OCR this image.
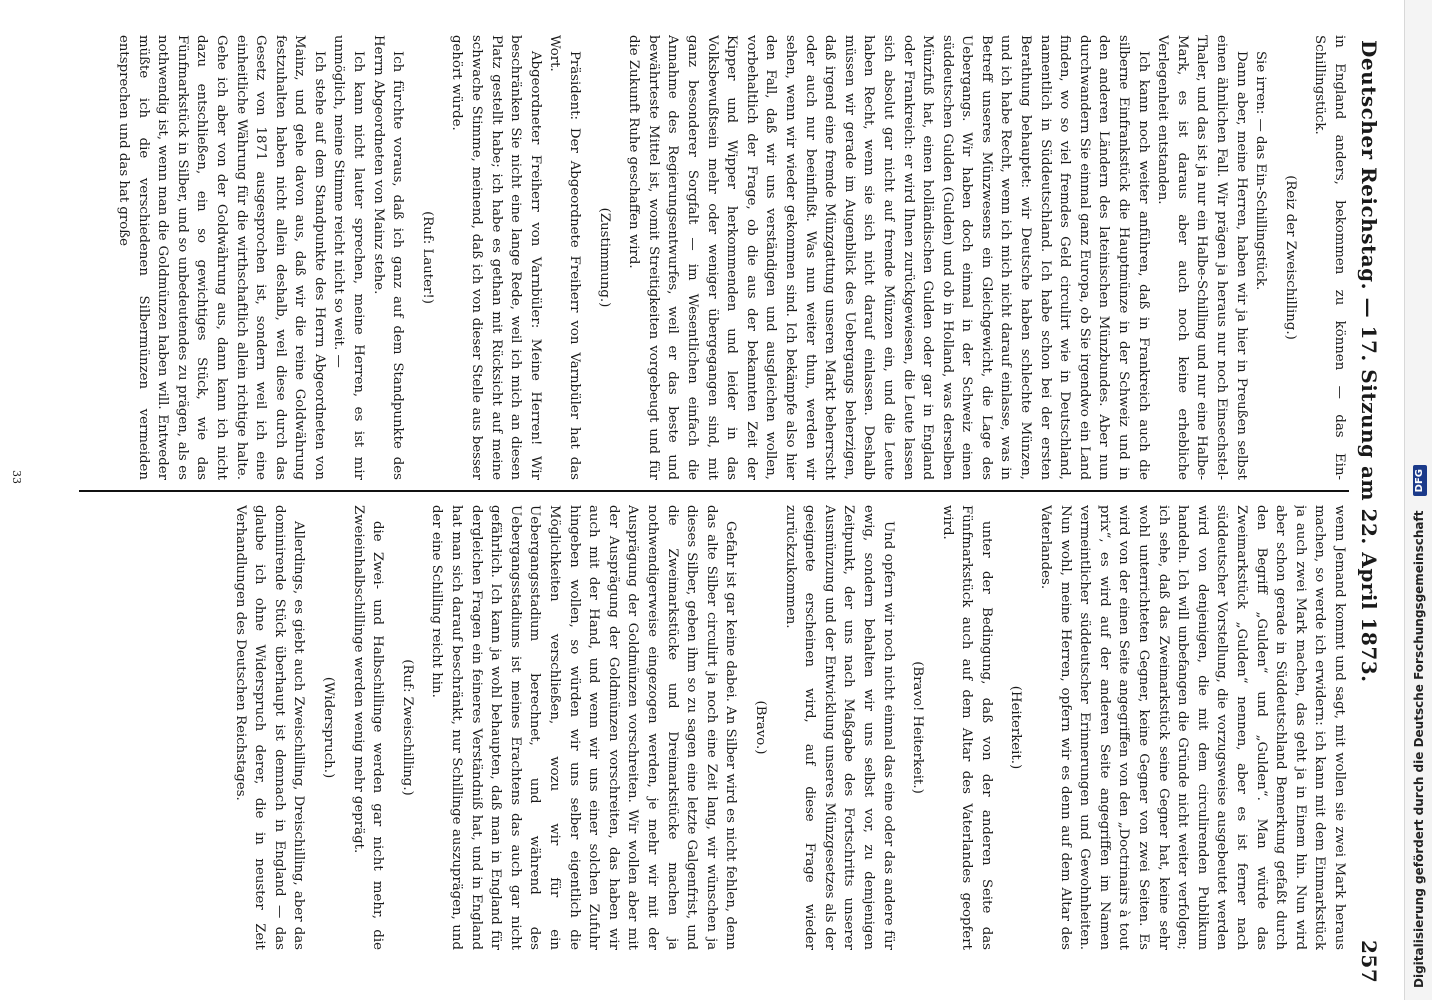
Deutscher Reichstag. — 17. Sitzung am 22. April 1873.
257

in England anders, bekommen zu können — das Ein-Schillingstück.

(Reiz der Zweischilling.)

Sie irren: — das Ein-Schillingstück.

Dann aber, meine Herren, haben wir ja hier in Preußen selbst einen ähnlichen Fall. Wir prägen ja heraus nur noch Einsechstel-Thaler, und das ist ja nur ein Halbe-Schilling und nur eine Halbe-Mark, es ist daraus aber auch noch keine erhebliche Verlegenheit entstanden.

Ich kann noch weiter anführen, daß in Frankreich auch die silberne Einfrankstück die Hauptmünze in der Schweiz und in den anderen Ländern des lateinischen Münzbundes. Aber nun durchwandern Sie einmal ganz Europa, ob Sie irgendwo ein Land finden, wo so viel fremdes Geld circulirt wie in Deutschland, namentlich in Süddeutschland. Ich habe schon bei der ersten Berathung behauptet: wir Deutsche haben schlechte Münzen, und ich habe Recht, wenn ich mich nicht darauf einlasse, was in Betreff unseres Münzwesens ein Gleichgewicht, die Lage des Uebergangs. Wir haben doch einmal in der Schweiz einen süddeutschen Gulden (Gulden) und ob in Holland, was derselben Münzfuß hat, einen holländischen Gulden oder gar in England oder Frankreich: er wird Ihnen zurückgewiesen, die Leute lassen sich absolut gar nicht auf fremde Münzen ein, und die Leute haben Recht, wenn sie sich nicht darauf einlassen. Deshalb müssen wir gerade im Augenblick des Uebergangs beherzigen, daß irgend eine fremde Münzgattung unseren Markt beherrscht oder auch nur beeinflußt. Was nun weiter thun, werden wir sehen, wenn wir wieder gekommen sind. Ich bekämpfe also hier den Fall, daß wir uns verständigen und ausgleichen wollen, vorbehaltlich der Frage, ob die aus der bekannten Zeit der Kipper und Wipper herkommenden und leider in das Volksbewußtsein mehr oder weniger übergegangen sind, mit ganz besonderer Sorgfalt — im Wesentlichen einfach die Annahme des Regierungsentwurfes, weil er das beste und bewährteste Mittel ist, womit Streitigkeiten vorgebeugt und für die Zukunft Ruhe geschaffen wird.

(Zustimmung.)

Präsident: Der Abgeordnete Freiherr von Varnbüler hat das Wort.

Abgeordneter Freiherr von Varnbüler: Meine Herren! Wir beschränken Sie nicht eine lange Rede, weil ich mich an diesen Platz gestellt habe; ich habe es gethan mit Rücksicht auf meine schwache Stimme, meinend, daß ich von dieser Stelle aus besser gehört würde.

(Ruf: Lauter!)

Ich fürchte voraus, daß ich ganz auf dem Standpunkte des Herrn Abgeordneten von Mainz stehe.

Ich kann nicht lauter sprechen, meine Herren, es ist mir unmöglich, meine Stimme reicht nicht so weit. —

Ich stehe auf dem Standpunkte des Herrn Abgeordneten von Mainz, und gehe davon aus, daß wir die reine Goldwährung festzuhalten haben nicht allein deshalb, weil diese durch das Gesetz von 1871 ausgesprochen ist, sondern weil ich eine einheitliche Währung für die wirthschaftlich allein richtige halte. Gehe ich aber von der Goldwährung aus, dann kann ich nicht dazu entschließen, ein so gewichtiges Stück, wie das Fünfmarkstück in Silber, und so unbedeutendes zu prägen, als es nothwendig ist, wenn man die Goldmünzen haben will. Entweder müßte ich die verschiedenen Silbermünzen vermeiden entsprechen und das hat große

wenn Jemand kommt und sagt, mit wollen sie zwei Mark heraus machen, so werde ich erwidern: ich kann mit dem Einmarkstück ja auch zwei Mark machen, das geht ja in Einem hin. Nun wird aber schon gerade in Süddeutschland Bemerkung gefaßt durch den Begriff „Gulden“ und „Gulden“. Man würde das Zweimarkstück „Gulden“ nennen, aber es ist ferner nach süddeutscher Vorstellung, die vorzugsweise ausgebeutet werden wird von denjenigen, die mit dem circulirenden Publikum handeln. Ich will unbefangen die Gründe nicht weiter verfolgen; ich sehe, daß das Zweimarkstück seine Gegner hat, keine sehr wohl unterrichteten Gegner, keine Gegner von zwei Seiten. Es wird von der einen Seite angegriffen von den „Doctrinairs à tout prix“, es wird auf der anderen Seite angegriffen im Namen vermeintlicher süddeutscher Erinnerungen und Gewohnheiten. Nun wohl, meine Herren, opfern wir es denn auf dem Altar des Vaterlandes.

(Heiterkeit.)

unter der Bedingung, daß von der anderen Seite das Fünfmarkstück auch auf dem Altar des Vaterlandes geopfert wird.

(Bravo! Heiterkeit.)

Und opfern wir noch nicht einmal das eine oder das andere für ewig, sondern behalten wir uns selbst vor, zu demjenigen Zeitpunkt, der uns nach Maßgabe des Fortschritts unserer Ausmünzung und der Entwicklung unseres Münzgesetzes als der geeignete erscheinen wird, auf diese Frage wieder zurückzukommen.

(Bravo.)

Gefahr ist gar keine dabei. An Silber wird es nicht fehlen, denn das alte Silber circulirt ja noch eine Zeit lang, wir wünschen ja dieses Silber, geben ihm so zu sagen eine letzte Galgenfrist, und die Zweimarkstücke und Dreimarkstücke machen ja nothwendigerweise eingezogen werden, je mehr wir mit der Ausprägung der Goldmünzen vorschreiten. Wir wollen aber mit der Ausprägung der Goldmünzen vorschreiten, das haben wir auch mit der Hand, und wenn wir uns einer solchen Zufuhr hingeben wollen, so würden wir uns selber eigentlich die Möglichkeiten verschließen, wozu wir für ein Uebergangsstadium berechnet, und während des Uebergangsstadiums ist meines Erachtens das auch gar nicht gefährlich. Ich kann ja wohl behaupten, daß man in England für dergleichen Fragen ein feineres Verständniß hat, und in England hat man sich darauf beschränkt, nur Schillinge auszuprägen, und der eine Schilling reicht hin.

(Ruf: Zweischilling.)

die Zwei- und Halbschillinge werden gar nicht mehr, die Zweieinhalbschillinge werden wenig mehr geprägt.

(Widerspruch.)

Allerdings, es giebt auch Zweischilling, Dreischilling, aber das dominirende Stück überhaupt ist demnach in England — das glaube ich ohne Widerspruch derer, die in neuster Zeit Verhandlungen des Deutschen Reichstages.

33
Digitalisierung gefördert durch die Deutsche Forschungsgemeinschaft DFG
